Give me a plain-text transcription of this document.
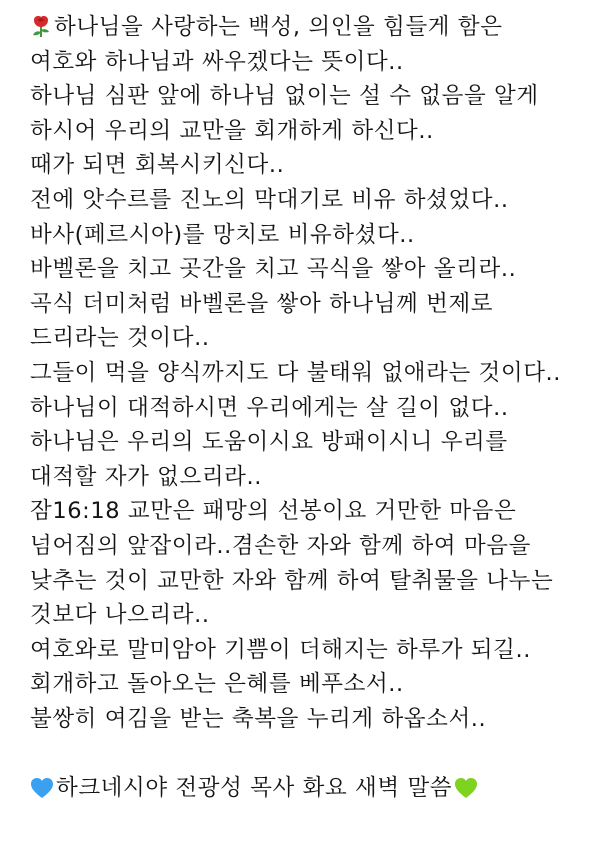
하나님을 사랑하는 백성, 의인을 힘들게 함은
여호와 하나님과 싸우겠다는 뜻이다..
하나님 심판 앞에 하나님 없이는 설 수 없음을 알게
하시어 우리의 교만을 회개하게 하신다..
때가 되면 회복시키신다..
전에 앗수르를 진노의 막대기로 비유 하셨었다..
바사(페르시아)를 망치로 비유하셨다..
바벨론을 치고 곳간을 치고 곡식을 쌓아 올리라..
곡식 더미처럼 바벨론을 쌓아 하나님께 번제로
드리라는 것이다..
그들이 먹을 양식까지도 다 불태워 없애라는 것이다..
하나님이 대적하시면 우리에게는 살 길이 없다..
하나님은 우리의 도움이시요 방패이시니 우리를
대적할 자가 없으리라..
잠16:18 교만은 패망의 선봉이요 거만한 마음은
넘어짐의 앞잡이라..겸손한 자와 함께 하여 마음을
낮추는 것이 교만한 자와 함께 하여 탈취물을 나누는
것보다 나으리라..
여호와로 말미암아 기쁨이 더해지는 하루가 되길..
회개하고 돌아오는 은혜를 베푸소서..
불쌍히 여김을 받는 축복을 누리게 하옵소서..
하크네시야 전광성 목사 화요 새벽 말씀
